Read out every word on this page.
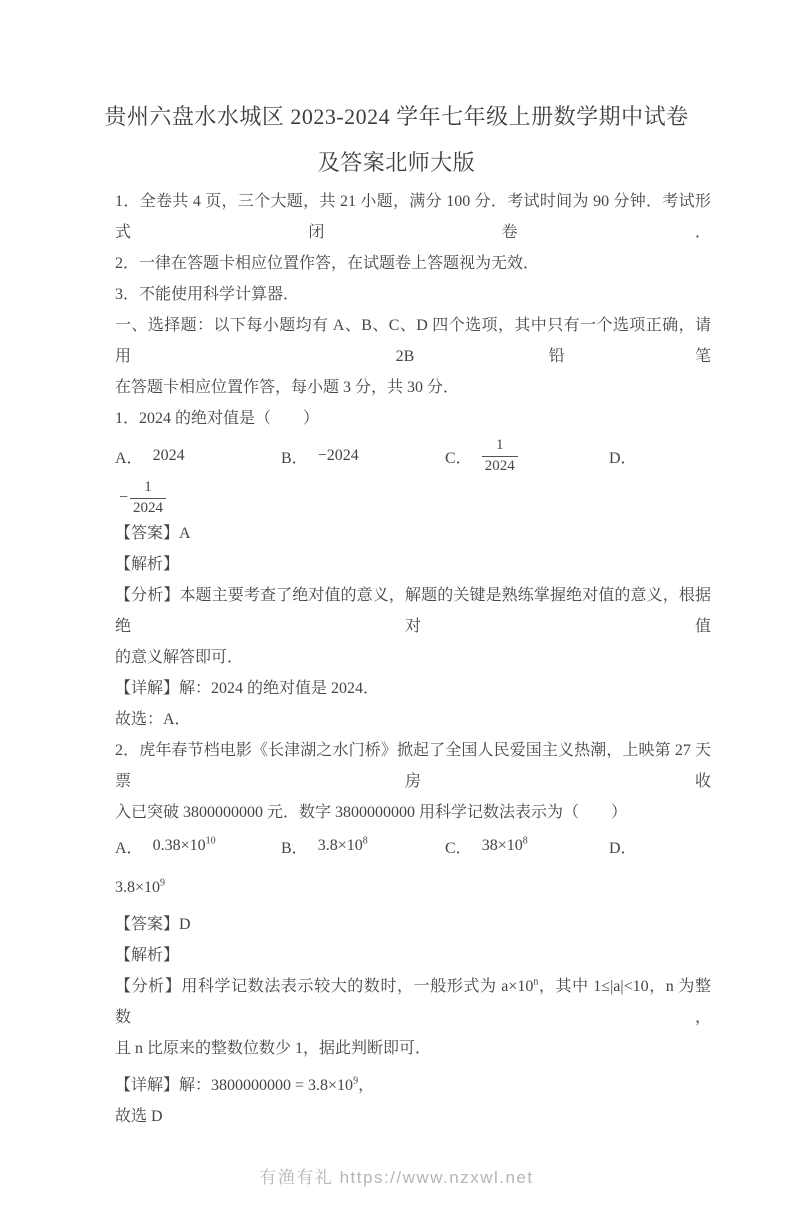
贵州六盘水水城区 2023-2024 学年七年级上册数学期中试卷
及答案北师大版

1．全卷共 4 页，三个大题，共 21 小题，满分 100 分．考试时间为 90 分钟．考试形式闭卷．

2．一律在答题卡相应位置作答，在试题卷上答题视为无效．

3．不能使用科学计算器．

一、选择题：以下每小题均有 A、B、C、D 四个选项，其中只有一个选项正确，请用 2B 铅笔

在答题卡相应位置作答，每小题 3 分，共 30 分．

1．2024 的绝对值是（　　）

A． 2024	B． −2024	C． $\frac{1}{2024}$	D．
− $\frac{1}{2024}$

【答案】A

【解析】

【分析】本题主要考查了绝对值的意义，解题的关键是熟练掌握绝对值的意义，根据绝对值

的意义解答即可．

【详解】解：2024 的绝对值是 2024．

故选：A．

2．虎年春节档电影《长津湖之水门桥》掀起了全国人民爱国主义热潮，上映第 27 天票房收

入已突破 3800000000 元．数字 3800000000 用科学记数法表示为（　　）

A． $0.38\times 10^{10}$	B． $3.8\times 10^8$	C． $38\times 10^8$	D．

$3.8\times 10^9$

【答案】D

【解析】

【分析】用科学记数法表示较大的数时，一般形式为 $a\times 10^n$，其中 1≤|a|<10，n 为整数，

且 n 比原来的整数位数少 1，据此判断即可．

【详解】解：$3800000000 = 3.8\times 10^9$，

故选 D

有渔有礼 https://www.nzxwl.net
